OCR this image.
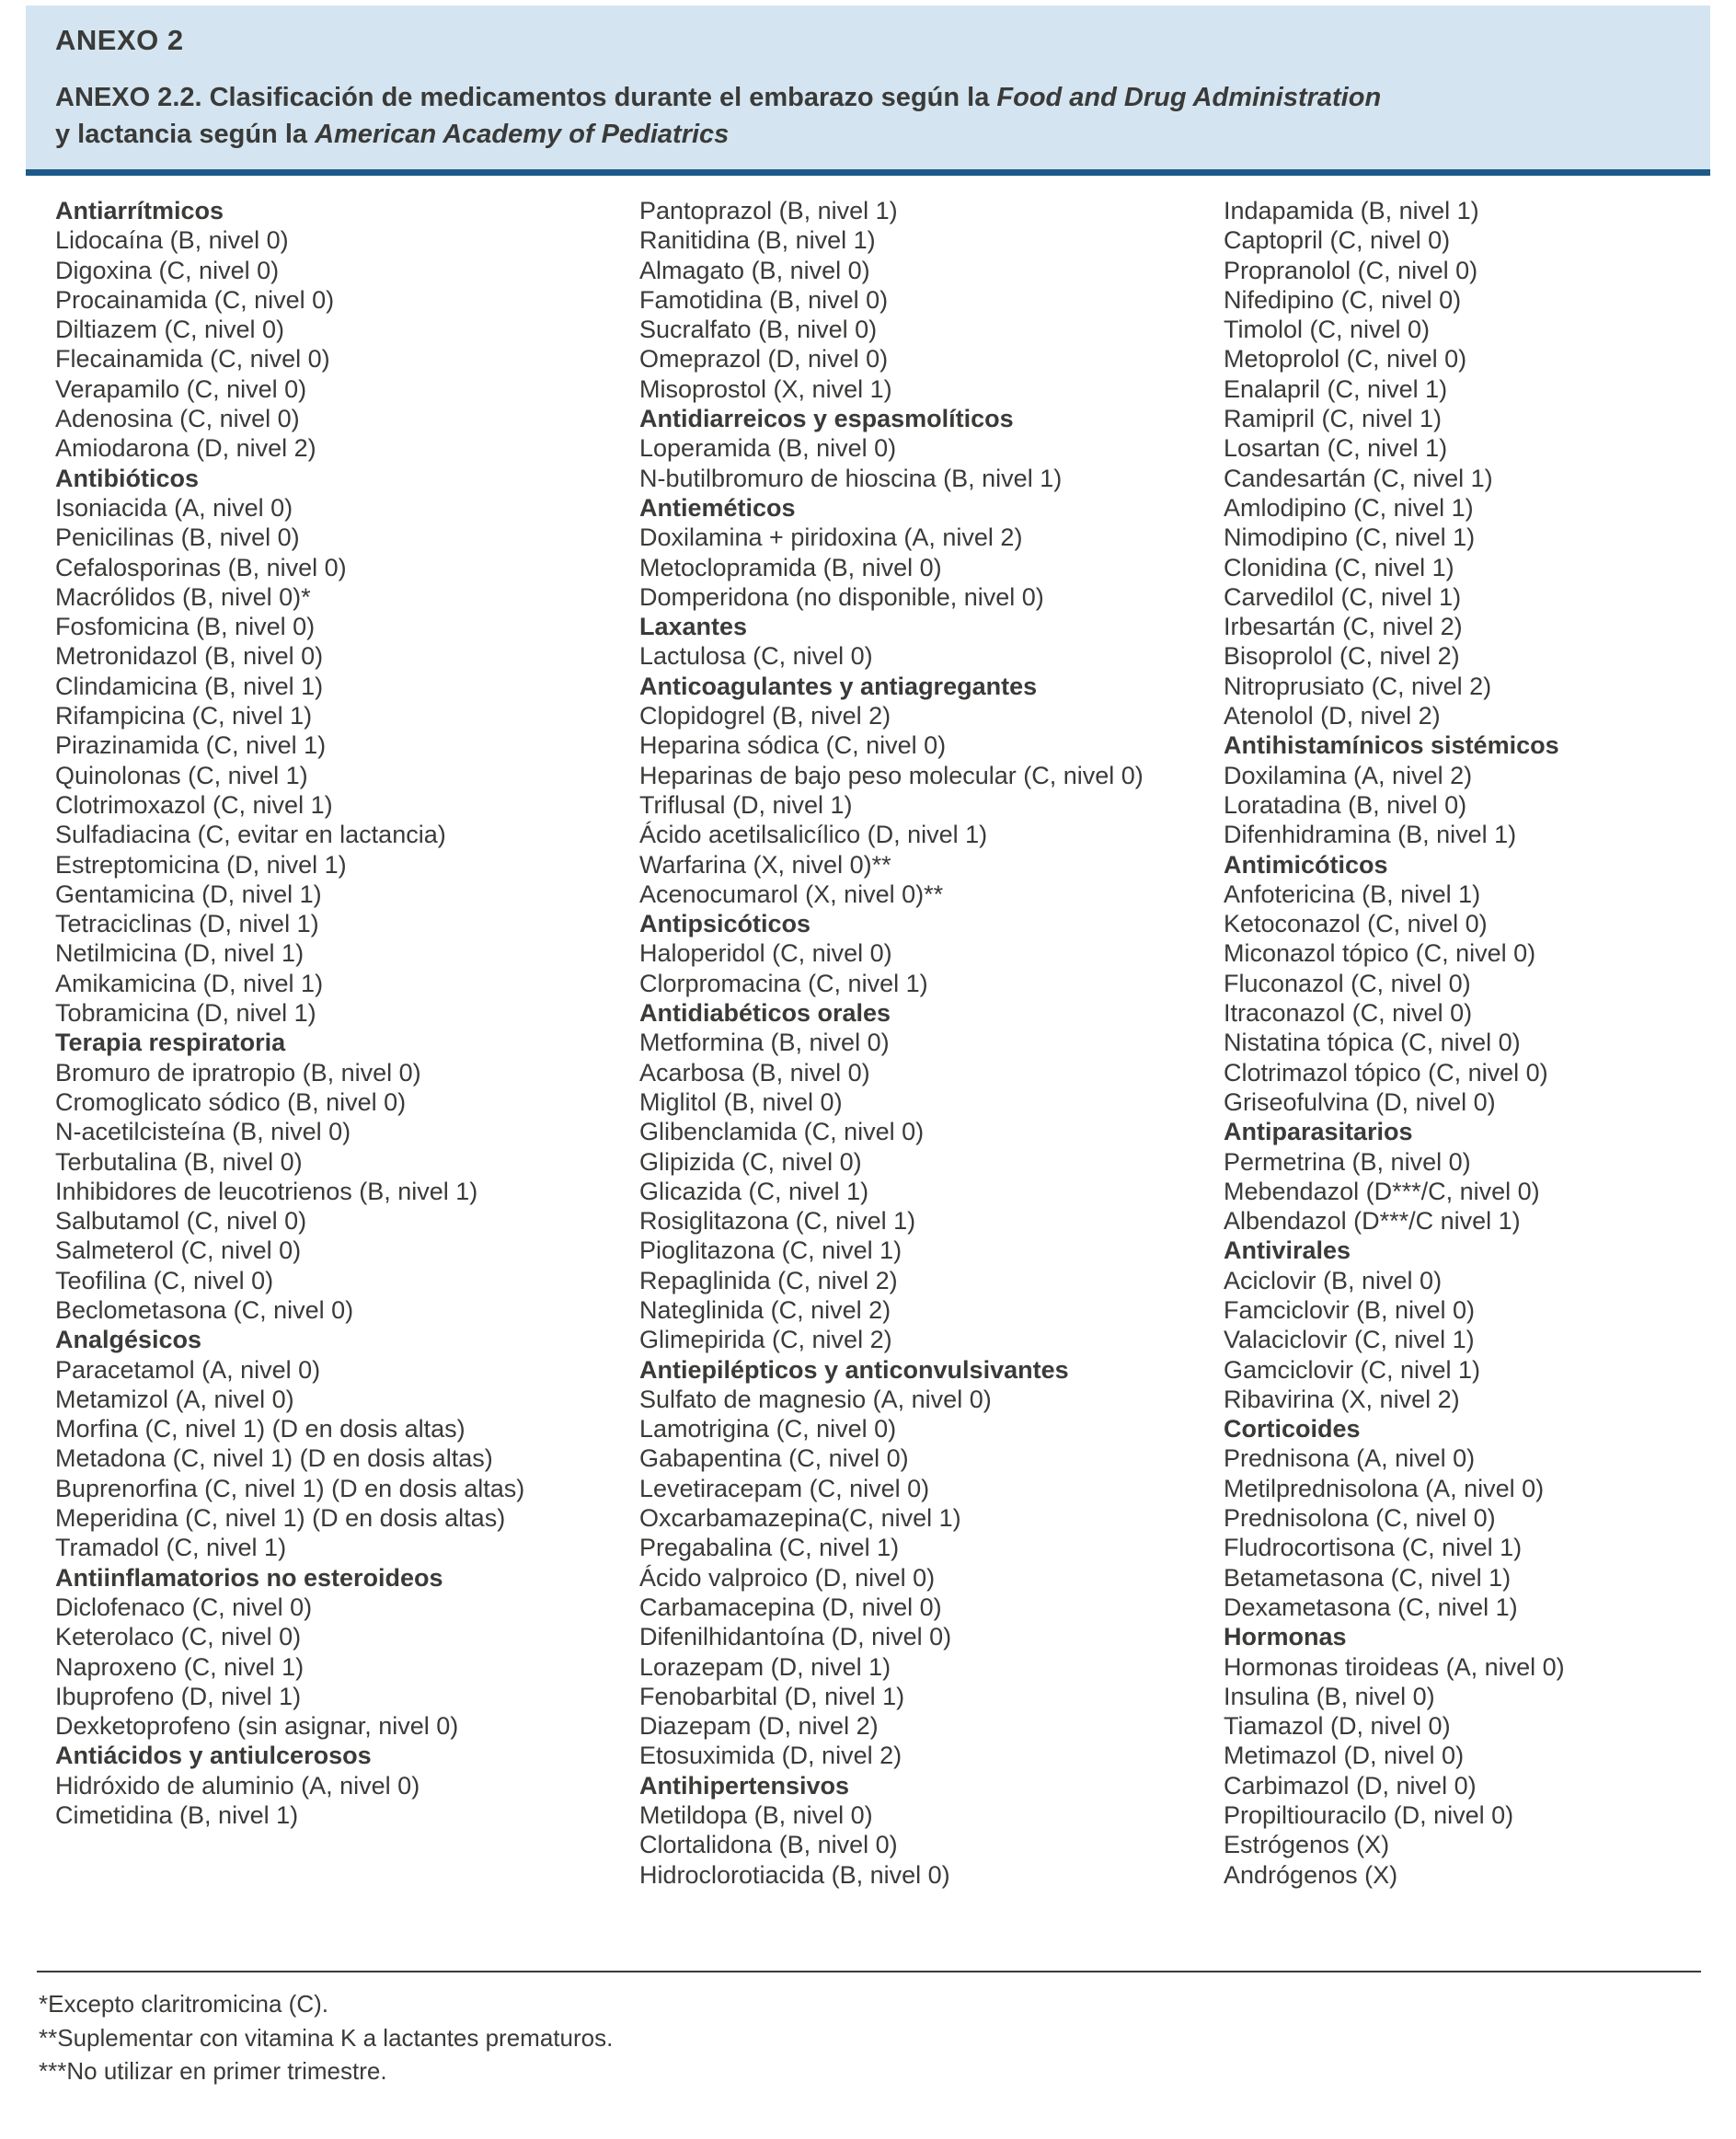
ANEXO 2
ANEXO 2.2. Clasificación de medicamentos durante el embarazo según la Food and Drug Administration
y lactancia según la American Academy of Pediatrics
Antiarrítmicos
Lidocaína (B, nivel 0)
Digoxina (C, nivel 0)
Procainamida (C, nivel 0)
Diltiazem (C, nivel 0)
Flecainamida (C, nivel 0)
Verapamilo (C, nivel 0)
Adenosina (C, nivel 0)
Amiodarona (D, nivel 2)
Antibióticos
Isoniacida (A, nivel 0)
Penicilinas (B, nivel 0)
Cefalosporinas (B, nivel 0)
Macrólidos (B, nivel 0)*
Fosfomicina (B, nivel 0)
Metronidazol (B, nivel 0)
Clindamicina (B, nivel 1)
Rifampicina (C, nivel 1)
Pirazinamida (C, nivel 1)
Quinolonas (C, nivel 1)
Clotrimoxazol (C, nivel 1)
Sulfadiacina (C, evitar en lactancia)
Estreptomicina (D, nivel 1)
Gentamicina (D, nivel 1)
Tetraciclinas (D, nivel 1)
Netilmicina (D, nivel 1)
Amikamicina (D, nivel 1)
Tobramicina (D, nivel 1)
Terapia respiratoria
Bromuro de ipratropio (B, nivel 0)
Cromoglicato sódico (B, nivel 0)
N-acetilcisteína (B, nivel 0)
Terbutalina (B, nivel 0)
Inhibidores de leucotrienos (B, nivel 1)
Salbutamol (C, nivel 0)
Salmeterol (C, nivel 0)
Teofilina (C, nivel 0)
Beclometasona (C, nivel 0)
Analgésicos
Paracetamol (A, nivel 0)
Metamizol (A, nivel 0)
Morfina (C, nivel 1) (D en dosis altas)
Metadona (C, nivel 1) (D en dosis altas)
Buprenorfina (C, nivel 1) (D en dosis altas)
Meperidina (C, nivel 1) (D en dosis altas)
Tramadol (C, nivel 1)
Antiinflamatorios no esteroideos
Diclofenaco (C, nivel 0)
Keterolaco (C, nivel 0)
Naproxeno (C, nivel 1)
Ibuprofeno (D, nivel 1)
Dexketoprofeno (sin asignar, nivel 0)
Antiácidos y antiulcerosos
Hidróxido de aluminio (A, nivel 0)
Cimetidina (B, nivel 1)
Pantoprazol (B, nivel 1)
Ranitidina (B, nivel 1)
Almagato (B, nivel 0)
Famotidina (B, nivel 0)
Sucralfato (B, nivel 0)
Omeprazol (D, nivel 0)
Misoprostol (X, nivel 1)
Antidiarreicos y espasmolíticos
Loperamida (B, nivel 0)
N-butilbromuro de hioscina (B, nivel 1)
Antieméticos
Doxilamina + piridoxina (A, nivel 2)
Metoclopramida (B, nivel 0)
Domperidona (no disponible, nivel 0)
Laxantes
Lactulosa (C, nivel 0)
Anticoagulantes y antiagregantes
Clopidogrel (B, nivel 2)
Heparina sódica (C, nivel 0)
Heparinas de bajo peso molecular (C, nivel 0)
Triflusal (D, nivel 1)
Ácido acetilsalicílico (D, nivel 1)
Warfarina (X, nivel 0)**
Acenocumarol (X, nivel 0)**
Antipsicóticos
Haloperidol (C, nivel 0)
Clorpromacina (C, nivel 1)
Antidiabéticos orales
Metformina (B, nivel 0)
Acarbosa (B, nivel 0)
Miglitol (B, nivel 0)
Glibenclamida (C, nivel 0)
Glipizida (C, nivel 0)
Glicazida (C, nivel 1)
Rosiglitazona (C, nivel 1)
Pioglitazona (C, nivel 1)
Repaglinida (C, nivel 2)
Nateglinida (C, nivel 2)
Glimepirida (C, nivel 2)
Antiepilépticos y anticonvulsivantes
Sulfato de magnesio (A, nivel 0)
Lamotrigina (C, nivel 0)
Gabapentina (C, nivel 0)
Levetiracepam (C, nivel 0)
Oxcarbamazepina(C, nivel 1)
Pregabalina (C, nivel 1)
Ácido valproico (D, nivel 0)
Carbamacepina (D, nivel 0)
Difenilhidantoína (D, nivel 0)
Lorazepam (D, nivel 1)
Fenobarbital (D, nivel 1)
Diazepam (D, nivel 2)
Etosuximida (D, nivel 2)
Antihipertensivos
Metildopa (B, nivel 0)
Clortalidona (B, nivel 0)
Hidroclorotiacida (B, nivel 0)
Indapamida (B, nivel 1)
Captopril (C, nivel 0)
Propranolol (C, nivel 0)
Nifedipino (C, nivel 0)
Timolol (C, nivel 0)
Metoprolol (C, nivel 0)
Enalapril (C, nivel 1)
Ramipril (C, nivel 1)
Losartan (C, nivel 1)
Candesartán (C, nivel 1)
Amlodipino (C, nivel 1)
Nimodipino (C, nivel 1)
Clonidina (C, nivel 1)
Carvedilol (C, nivel 1)
Irbesartán (C, nivel 2)
Bisoprolol (C, nivel 2)
Nitroprusiato (C, nivel 2)
Atenolol (D, nivel 2)
Antihistamínicos sistémicos
Doxilamina (A, nivel 2)
Loratadina (B, nivel 0)
Difenhidramina (B, nivel 1)
Antimicóticos
Anfotericina (B, nivel 1)
Ketoconazol (C, nivel 0)
Miconazol tópico (C, nivel 0)
Fluconazol (C, nivel 0)
Itraconazol (C, nivel 0)
Nistatina tópica (C, nivel 0)
Clotrimazol tópico (C, nivel 0)
Griseofulvina (D, nivel 0)
Antiparasitarios
Permetrina (B, nivel 0)
Mebendazol (D***/C, nivel 0)
Albendazol (D***/C nivel 1)
Antivirales
Aciclovir (B, nivel 0)
Famciclovir (B, nivel 0)
Valaciclovir (C, nivel 1)
Gamciclovir (C, nivel 1)
Ribavirina (X, nivel 2)
Corticoides
Prednisona (A, nivel 0)
Metilprednisolona (A, nivel 0)
Prednisolona (C, nivel 0)
Fludrocortisona (C, nivel 1)
Betametasona (C, nivel 1)
Dexametasona (C, nivel 1)
Hormonas
Hormonas tiroideas (A, nivel 0)
Insulina (B, nivel 0)
Tiamazol (D, nivel 0)
Metimazol (D, nivel 0)
Carbimazol (D, nivel 0)
Propiltiouracilo (D, nivel 0)
Estrógenos (X)
Andrógenos (X)
*Excepto claritromicina (C).
**Suplementar con vitamina K a lactantes prematuros.
***No utilizar en primer trimestre.
